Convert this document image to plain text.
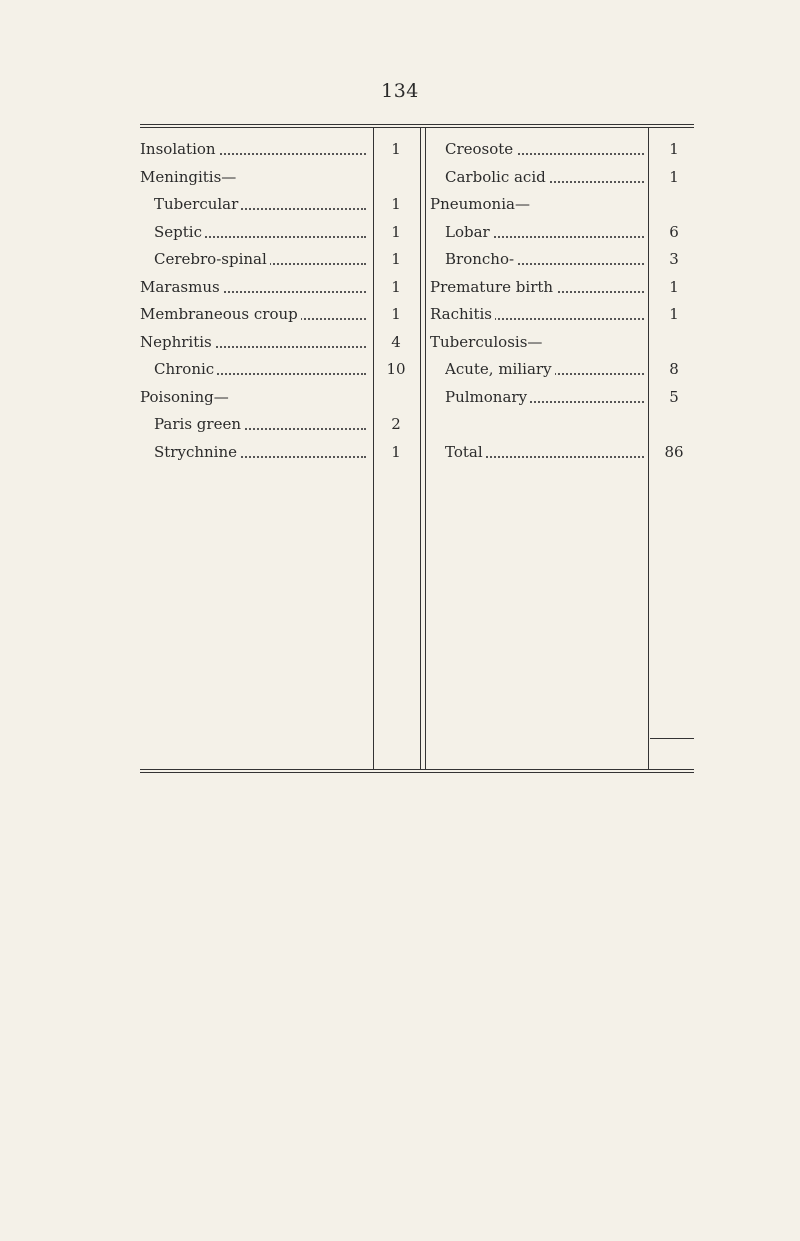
134
Insolation	1
Meningitis—
Tubercular	1
Septic	1
Cerebro-spinal	1
Marasmus	1
Membraneous croup	1
Nephritis	4
Chronic	10
Poisoning—
Paris green	2
Strychnine	1
Creosote	1
Carbolic acid	1
Pneumonia—
Lobar	6
Broncho-	3
Premature birth	1
Rachitis	1
Tuberculosis—
Acute, miliary	8
Pulmonary	5
Total	86
